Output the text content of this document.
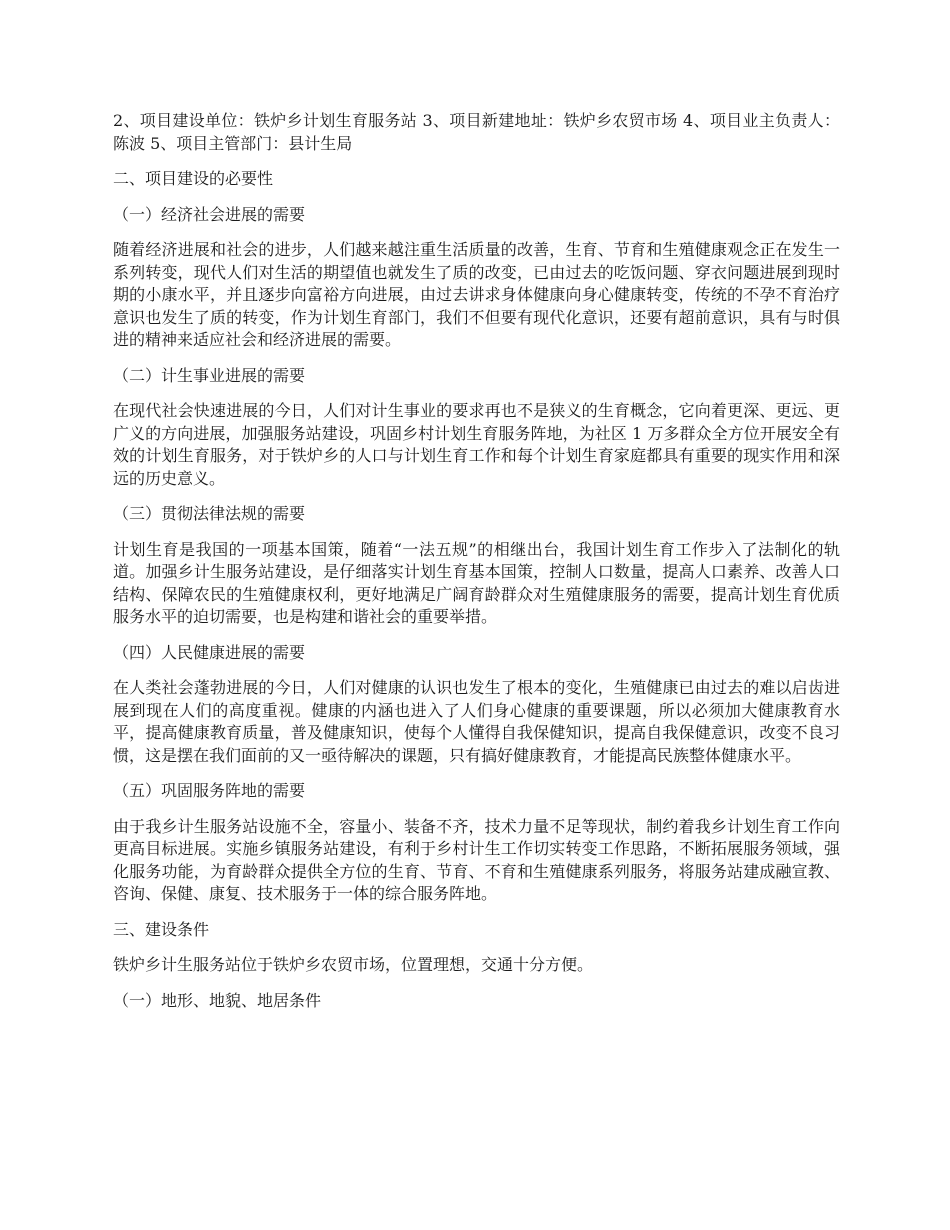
2、项目建设单位：铁炉乡计划生育服务站 3、项目新建地址：铁炉乡农贸市场 4、项目业主负责人：陈波 5、项目主管部门：县计生局

二、项目建设的必要性

（一）经济社会进展的需要

随着经济进展和社会的进步，人们越来越注重生活质量的改善，生育、节育和生殖健康观念正在发生一系列转变，现代人们对生活的期望值也就发生了质的改变，已由过去的吃饭问题、穿衣问题进展到现时期的小康水平，并且逐步向富裕方向进展，由过去讲求身体健康向身心健康转变，传统的不孕不育治疗意识也发生了质的转变，作为计划生育部门，我们不但要有现代化意识，还要有超前意识，具有与时俱进的精神来适应社会和经济进展的需要。

（二）计生事业进展的需要

在现代社会快速进展的今日，人们对计生事业的要求再也不是狭义的生育概念，它向着更深、更远、更广义的方向进展，加强服务站建设，巩固乡村计划生育服务阵地，为社区 1 万多群众全方位开展安全有效的计划生育服务，对于铁炉乡的人口与计划生育工作和每个计划生育家庭都具有重要的现实作用和深远的历史意义。

（三）贯彻法律法规的需要

计划生育是我国的一项基本国策，随着“一法五规”的相继出台，我国计划生育工作步入了法制化的轨道。加强乡计生服务站建设，是仔细落实计划生育基本国策，控制人口数量，提高人口素养、改善人口结构、保障农民的生殖健康权利，更好地满足广阔育龄群众对生殖健康服务的需要，提高计划生育优质服务水平的迫切需要，也是构建和谐社会的重要举措。

（四）人民健康进展的需要

在人类社会蓬勃进展的今日，人们对健康的认识也发生了根本的变化，生殖健康已由过去的难以启齿进展到现在人们的高度重视。健康的内涵也进入了人们身心健康的重要课题，所以必须加大健康教育水平，提高健康教育质量，普及健康知识，使每个人懂得自我保健知识，提高自我保健意识，改变不良习惯，这是摆在我们面前的又一亟待解决的课题，只有搞好健康教育，才能提高民族整体健康水平。

（五）巩固服务阵地的需要

由于我乡计生服务站设施不全，容量小、装备不齐，技术力量不足等现状，制约着我乡计划生育工作向更高目标进展。实施乡镇服务站建设，有利于乡村计生工作切实转变工作思路，不断拓展服务领域，强化服务功能，为育龄群众提供全方位的生育、节育、不育和生殖健康系列服务，将服务站建成融宣教、咨询、保健、康复、技术服务于一体的综合服务阵地。

三、建设条件

铁炉乡计生服务站位于铁炉乡农贸市场，位置理想，交通十分方便。

（一）地形、地貌、地居条件
